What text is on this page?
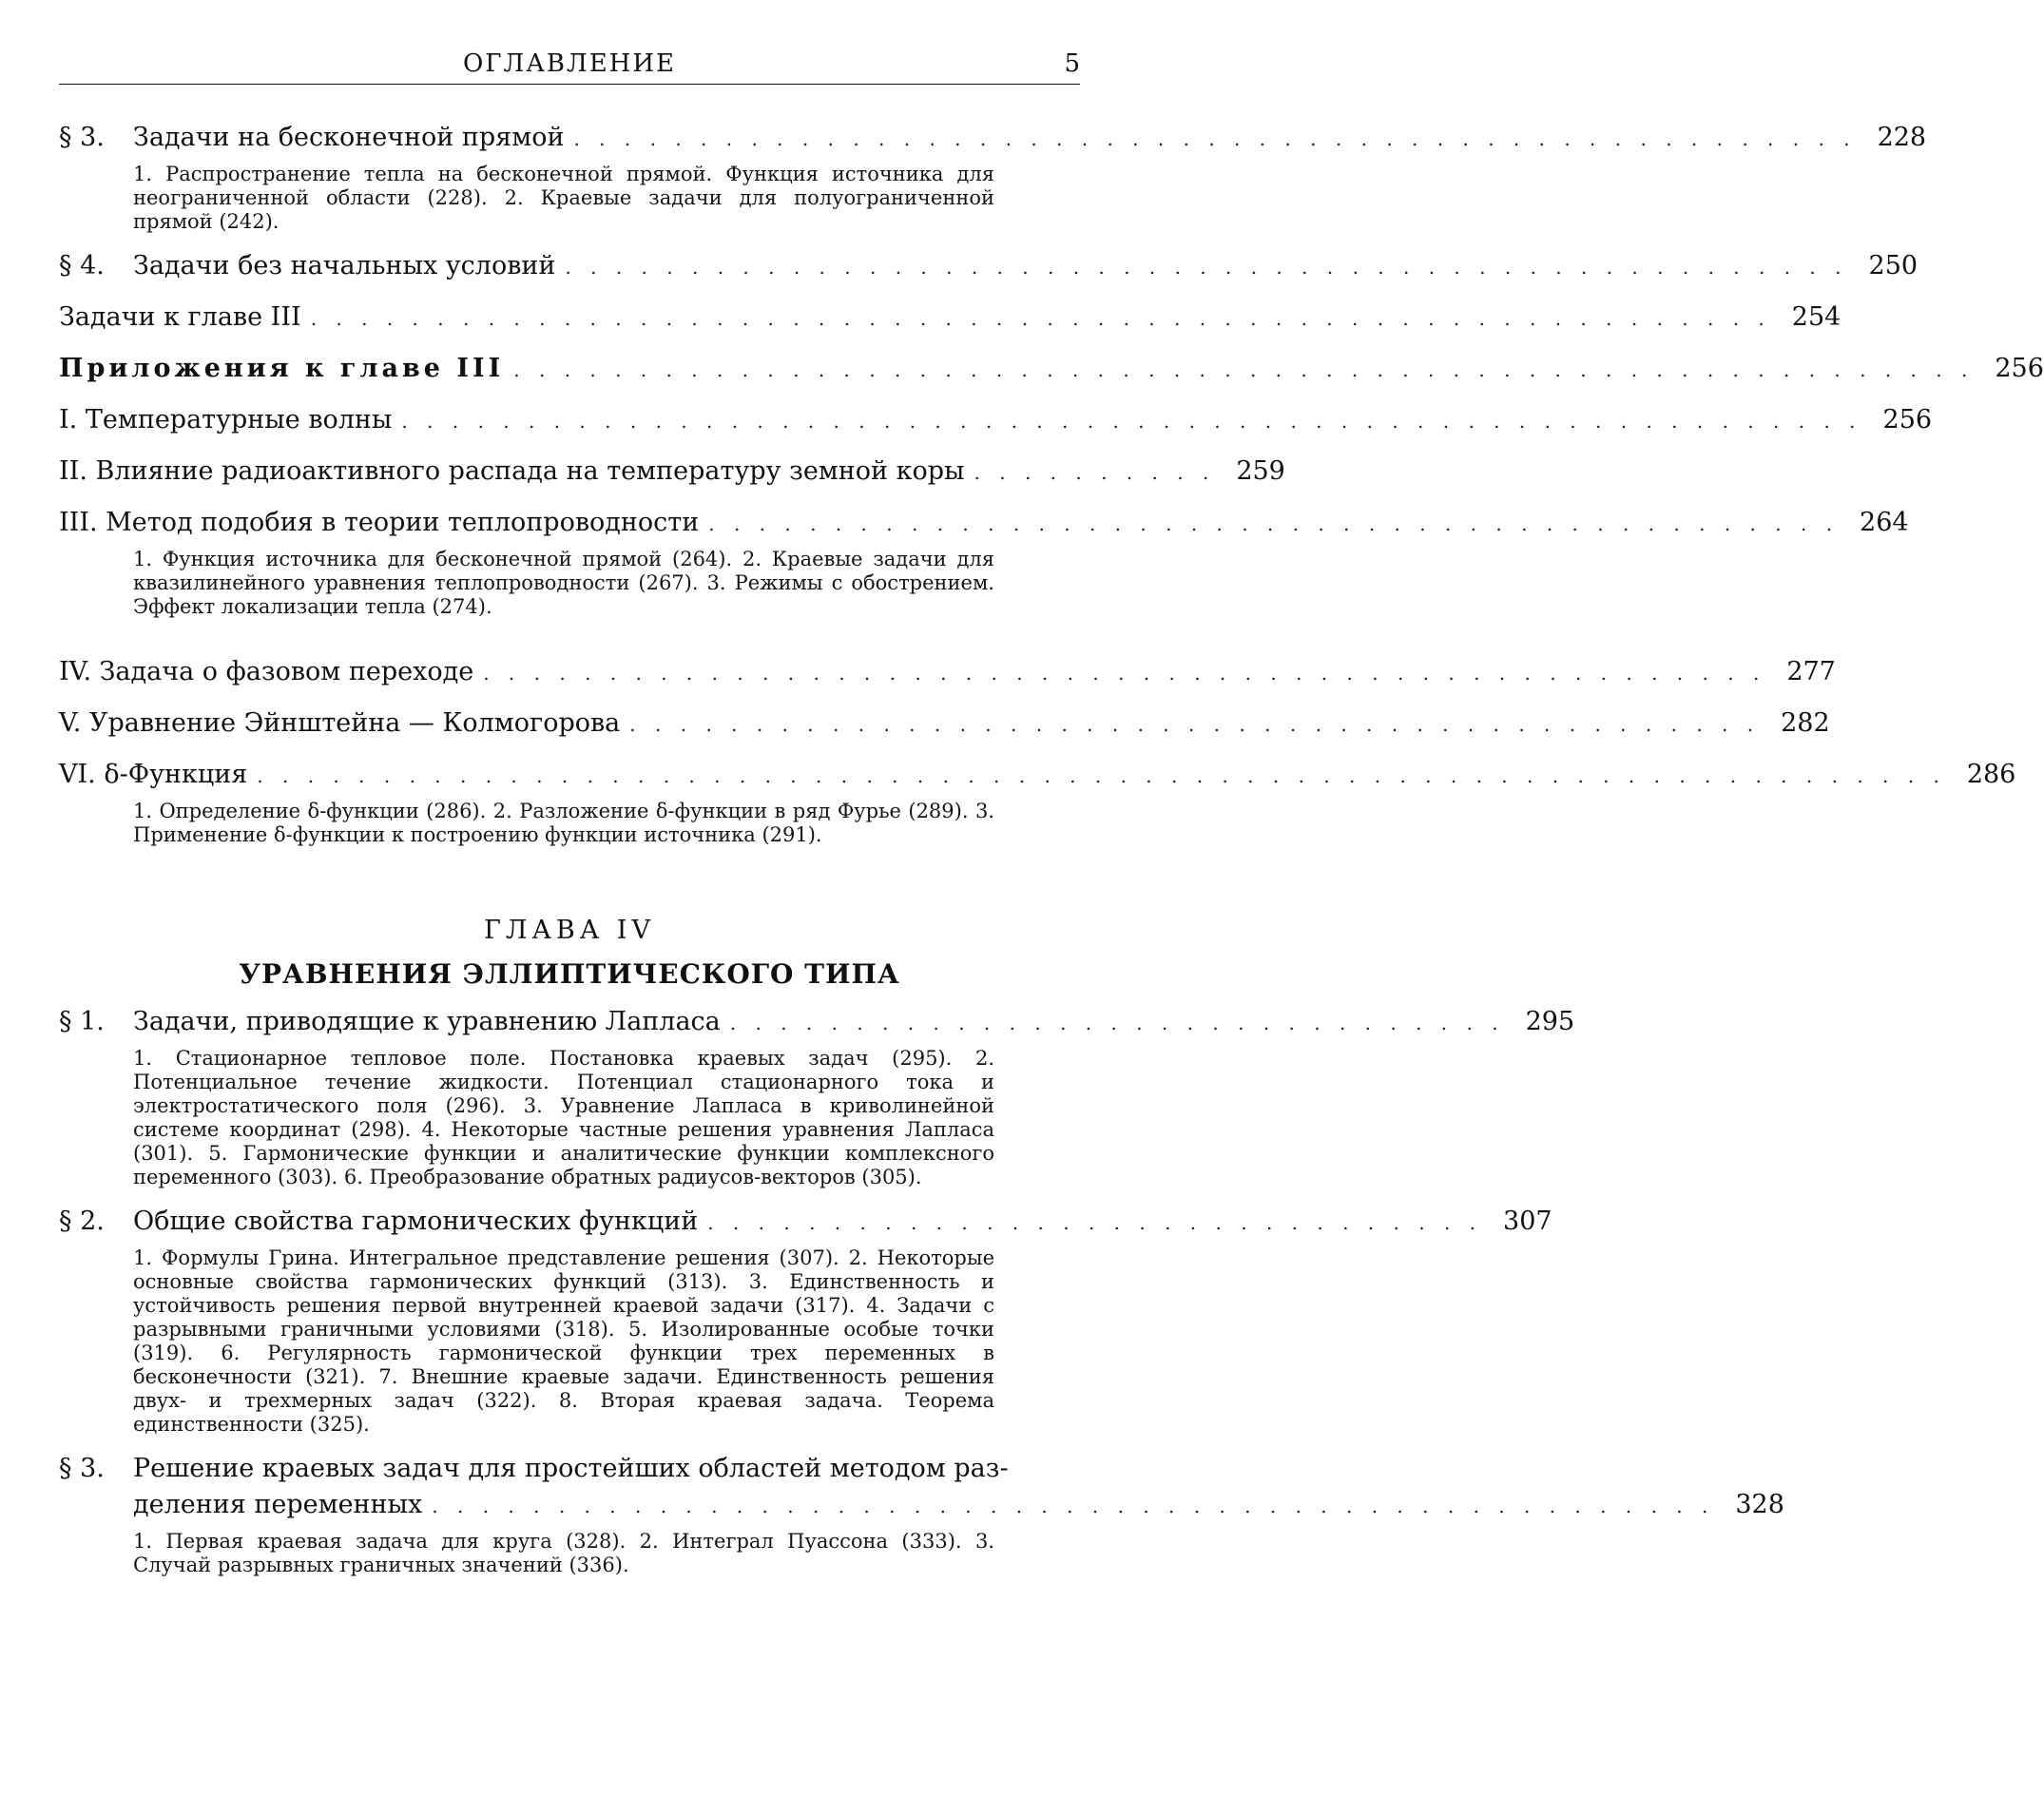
ОГЛАВЛЕНИЕ	5
§ 3. Задачи на бесконечной прямой . . . . . . . . . . . . . . . . . . . . . . . . . . . . . . . . . . . . . . . . . . . . . . . . . . . 228
1. Распространение тепла на бесконечной прямой. Функция источника для неограниченной области (228). 2. Краевые задачи для полуограниченной прямой (242).
§ 4. Задачи без начальных условий . . . . . . . . . . . . . . . . . . . . . . . . . . . . . . . . . . . . . . . . . . . . . . . . . . . 250
Задачи к главе III . . . . . . . . . . . . . . . . . . . . . . . . . . . . . . . . . . . . . . . . . . . . . . . . . . . . . . . . . . 254
Приложения к главе III . . . . . . . . . . . . . . . . . . . . . . . . . . . . . . . . . . . . . . . . . . . . . . . . . . . . . . . . . . 256
I. Температурные волны . . . . . . . . . . . . . . . . . . . . . . . . . . . . . . . . . . . . . . . . . . . . . . . . . . . . . . . . . . 256
II. Влияние радиоактивного распада на температуру земной коры . . . . . . . . . . 259
III. Метод подобия в теории теплопроводности . . . . . . . . . . . . . . . . . . . . . . . . . . . . . . . . . . . . . . . . . . . . . 264
1. Функция источника для бесконечной прямой (264). 2. Краевые задачи для квазилинейного уравнения теплопроводности (267). 3. Режимы с обострением. Эффект локализации тепла (274).
IV. Задача о фазовом переходе . . . . . . . . . . . . . . . . . . . . . . . . . . . . . . . . . . . . . . . . . . . . . . . . . . . 277
V. Уравнение Эйнштейна — Колмогорова . . . . . . . . . . . . . . . . . . . . . . . . . . . . . . . . . . . . . . . . . . . . . 282
VI. δ-Функция . . . . . . . . . . . . . . . . . . . . . . . . . . . . . . . . . . . . . . . . . . . . . . . . . . . . . . . . . . . . . . . . . . . 286
1. Определение δ-функции (286). 2. Разложение δ-функции в ряд Фурье (289). 3. Применение δ-функции к построению функции источника (291).
ГЛАВА IV
УРАВНЕНИЯ ЭЛЛИПТИЧЕСКОГО ТИПА
§ 1. Задачи, приводящие к уравнению Лапласа . . . . . . . . . . . . . . . . . . . . . . . . . . . . . . . 295
1. Стационарное тепловое поле. Постановка краевых задач (295). 2. Потенциальное течение жидкости. Потенциал стационарного тока и электростатического поля (296). 3. Уравнение Лапласа в криволинейной системе координат (298). 4. Некоторые частные решения уравнения Лапласа (301). 5. Гармонические функции и аналитические функции комплексного переменного (303). 6. Преобразование обратных радиусов-векторов (305).
§ 2. Общие свойства гармонических функций . . . . . . . . . . . . . . . . . . . . . . . . . . . . . . . 307
1. Формулы Грина. Интегральное представление решения (307). 2. Некоторые основные свойства гармонических функций (313). 3. Единственность и устойчивость решения первой внутренней краевой задачи (317). 4. Задачи с разрывными граничными условиями (318). 5. Изолированные особые точки (319). 6. Регулярность гармонической функции трех переменных в бесконечности (321). 7. Внешние краевые задачи. Единственность решения двух- и трехмерных задач (322). 8. Вторая краевая задача. Теорема единственности (325).
§ 3. Решение краевых задач для простейших областей методом раз-
деления переменных . . . . . . . . . . . . . . . . . . . . . . . . . . . . . . . . . . . . . . . . . . . . . . . . . . . 328
1. Первая краевая задача для круга (328). 2. Интеграл Пуассона (333). 3. Случай разрывных граничных значений (336).
